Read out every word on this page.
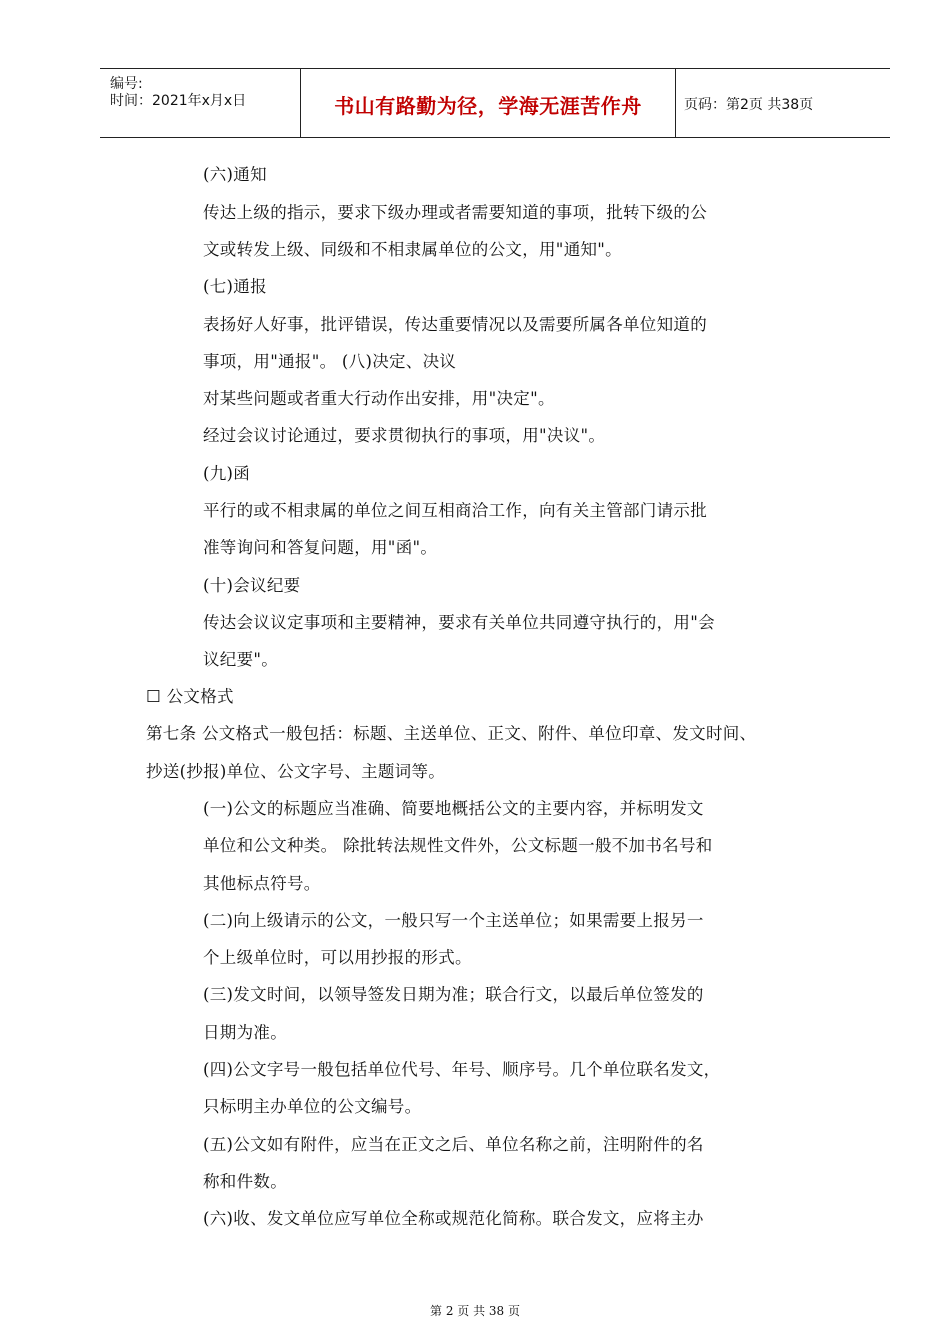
编号:
时间：2021年x月x日	书山有路勤为径，学海无涯苦作舟	页码：第2页 共38页
(六)通知
传达上级的指示，要求下级办理或者需要知道的事项，批转下级的公
文或转发上级、同级和不相隶属单位的公文，用"通知"。
(七)通报
表扬好人好事，批评错误，传达重要情况以及需要所属各单位知道的
事项，用"通报"。 (八)决定、决议
对某些问题或者重大行动作出安排，用"决定"。
经过会议讨论通过，要求贯彻执行的事项，用"决议"。
(九)函
平行的或不相隶属的单位之间互相商洽工作，向有关主管部门请示批
准等询问和答复问题，用"函"。
(十)会议纪要
传达会议议定事项和主要精神，要求有关单位共同遵守执行的，用"会
议纪要"。
☐ 公文格式
第七条 公文格式一般包括：标题、主送单位、正文、附件、单位印章、发文时间、
抄送(抄报)单位、公文字号、主题词等。
(一)公文的标题应当准确、简要地概括公文的主要内容，并标明发文
单位和公文种类。 除批转法规性文件外，公文标题一般不加书名号和
其他标点符号。
(二)向上级请示的公文，一般只写一个主送单位；如果需要上报另一
个上级单位时，可以用抄报的形式。
(三)发文时间，以领导签发日期为准；联合行文，以最后单位签发的
日期为准。
(四)公文字号一般包括单位代号、年号、顺序号。几个单位联名发文，
只标明主办单位的公文编号。
(五)公文如有附件，应当在正文之后、单位名称之前，注明附件的名
称和件数。
(六)收、发文单位应写单位全称或规范化简称。联合发文，应将主办
第 2 页 共 38 页
